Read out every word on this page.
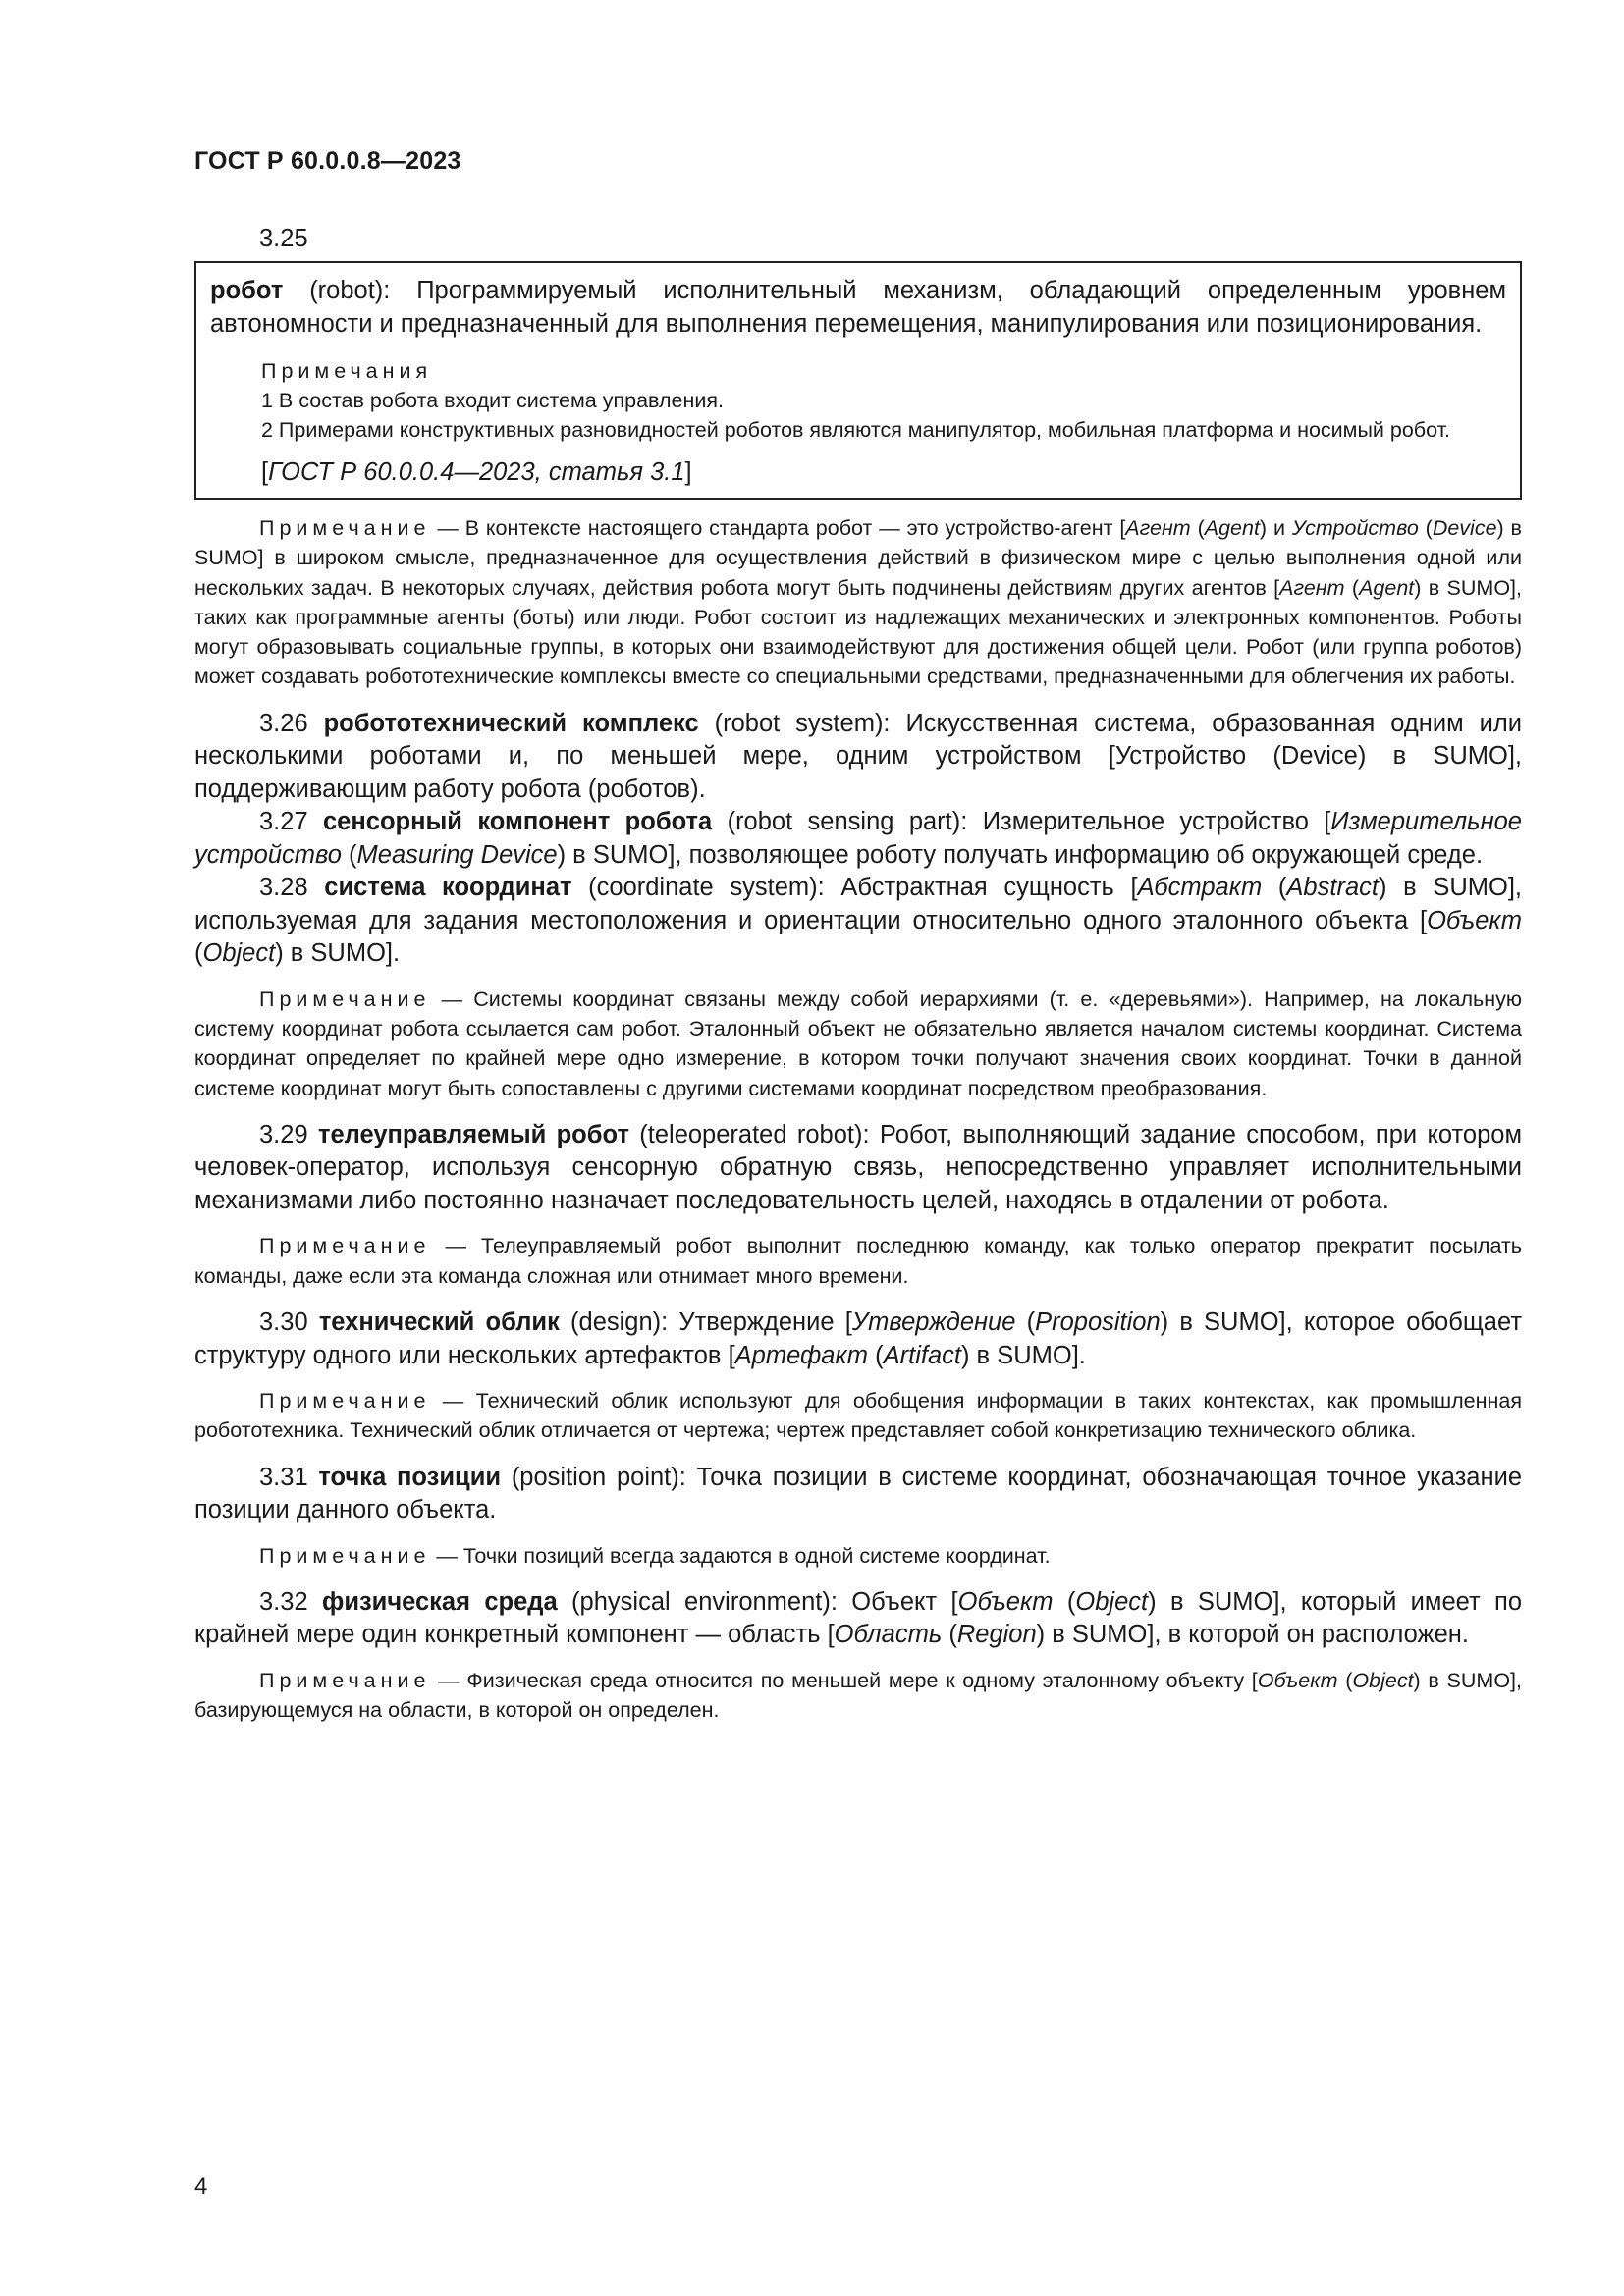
ГОСТ Р 60.0.0.8—2023
3.25
робот (robot): Программируемый исполнительный механизм, обладающий определенным уровнем автономности и предназначенный для выполнения перемещения, манипулирования или позиционирования.
Примечания
1 В состав робота входит система управления.
2 Примерами конструктивных разновидностей роботов являются манипулятор, мобильная платформа и носимый робот.
[ГОСТ Р 60.0.0.4—2023, статья 3.1]

Примечание — В контексте настоящего стандарта робот — это устройство-агент [Агент (Agent) и Устройство (Device) в SUMO] в широком смысле, предназначенное для осуществления действий в физическом мире с целью выполнения одной или нескольких задач. В некоторых случаях, действия робота могут быть подчинены действиям других агентов [Агент (Agent) в SUMO], таких как программные агенты (боты) или люди. Робот состоит из надлежащих механических и электронных компонентов. Роботы могут образовывать социальные группы, в которых они взаимодействуют для достижения общей цели. Робот (или группа роботов) может создавать робототехнические комплексы вместе со специальными средствами, предназначенными для облегчения их работы.

3.26 робототехнический комплекс (robot system): Искусственная система, образованная одним или несколькими роботами и, по меньшей мере, одним устройством [Устройство (Device) в SUMO], поддерживающим работу робота (роботов).

3.27 сенсорный компонент робота (robot sensing part): Измерительное устройство [Измерительное устройство (Measuring Device) в SUMO], позволяющее роботу получать информацию об окружающей среде.

3.28 система координат (coordinate system): Абстрактная сущность [Абстракт (Abstract) в SUMO], используемая для задания местоположения и ориентации относительно одного эталонного объекта [Объект (Object) в SUMO].

Примечание — Системы координат связаны между собой иерархиями (т. е. «деревьями»). Например, на локальную систему координат робота ссылается сам робот. Эталонный объект не обязательно является началом системы координат. Система координат определяет по крайней мере одно измерение, в котором точки получают значения своих координат. Точки в данной системе координат могут быть сопоставлены с другими системами координат посредством преобразования.

3.29 телеуправляемый робот (teleoperated robot): Робот, выполняющий задание способом, при котором человек-оператор, используя сенсорную обратную связь, непосредственно управляет исполнительными механизмами либо постоянно назначает последовательность целей, находясь в отдалении от робота.

Примечание — Телеуправляемый робот выполнит последнюю команду, как только оператор прекратит посылать команды, даже если эта команда сложная или отнимает много времени.

3.30 технический облик (design): Утверждение [Утверждение (Proposition) в SUMO], которое обобщает структуру одного или нескольких артефактов [Артефакт (Artifact) в SUMO].

Примечание — Технический облик используют для обобщения информации в таких контекстах, как промышленная робототехника. Технический облик отличается от чертежа; чертеж представляет собой конкретизацию технического облика.

3.31 точка позиции (position point): Точка позиции в системе координат, обозначающая точное указание позиции данного объекта.

Примечание — Точки позиций всегда задаются в одной системе координат.

3.32 физическая среда (physical environment): Объект [Объект (Object) в SUMO], который имеет по крайней мере один конкретный компонент — область [Область (Region) в SUMO], в которой он расположен.

Примечание — Физическая среда относится по меньшей мере к одному эталонному объекту [Объект (Object) в SUMO], базирующемуся на области, в которой он определен.

4
